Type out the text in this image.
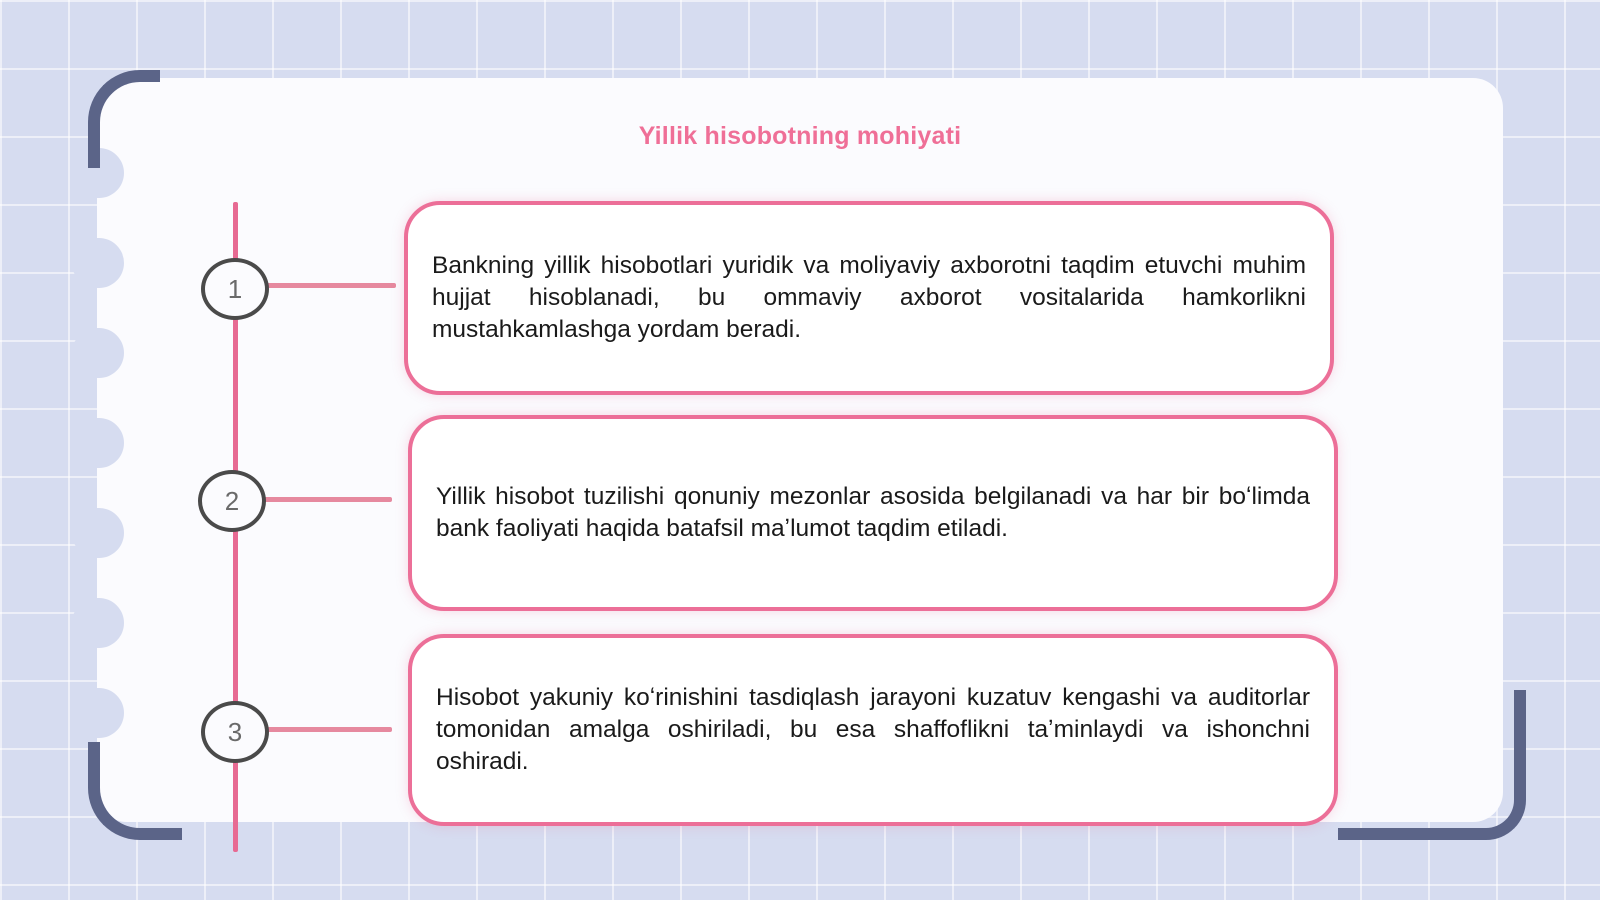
Yillik hisobotning mohiyati
1
2
3

Bankning yillik hisobotlari yuridik va moliyaviy axborotni taqdim etuvchi muhim hujjat hisoblanadi, bu ommaviy axborot vositalarida hamkorlikni mustahkamlashga yordam beradi.

Yillik hisobot tuzilishi qonuniy mezonlar asosida belgilanadi va har bir boʻlimda bank faoliyati haqida batafsil maʼlumot taqdim etiladi.

Hisobot yakuniy koʻrinishini tasdiqlash jarayoni kuzatuv kengashi va auditorlar tomonidan amalga oshiriladi, bu esa shaffoflikni taʼminlaydi va ishonchni oshiradi.
